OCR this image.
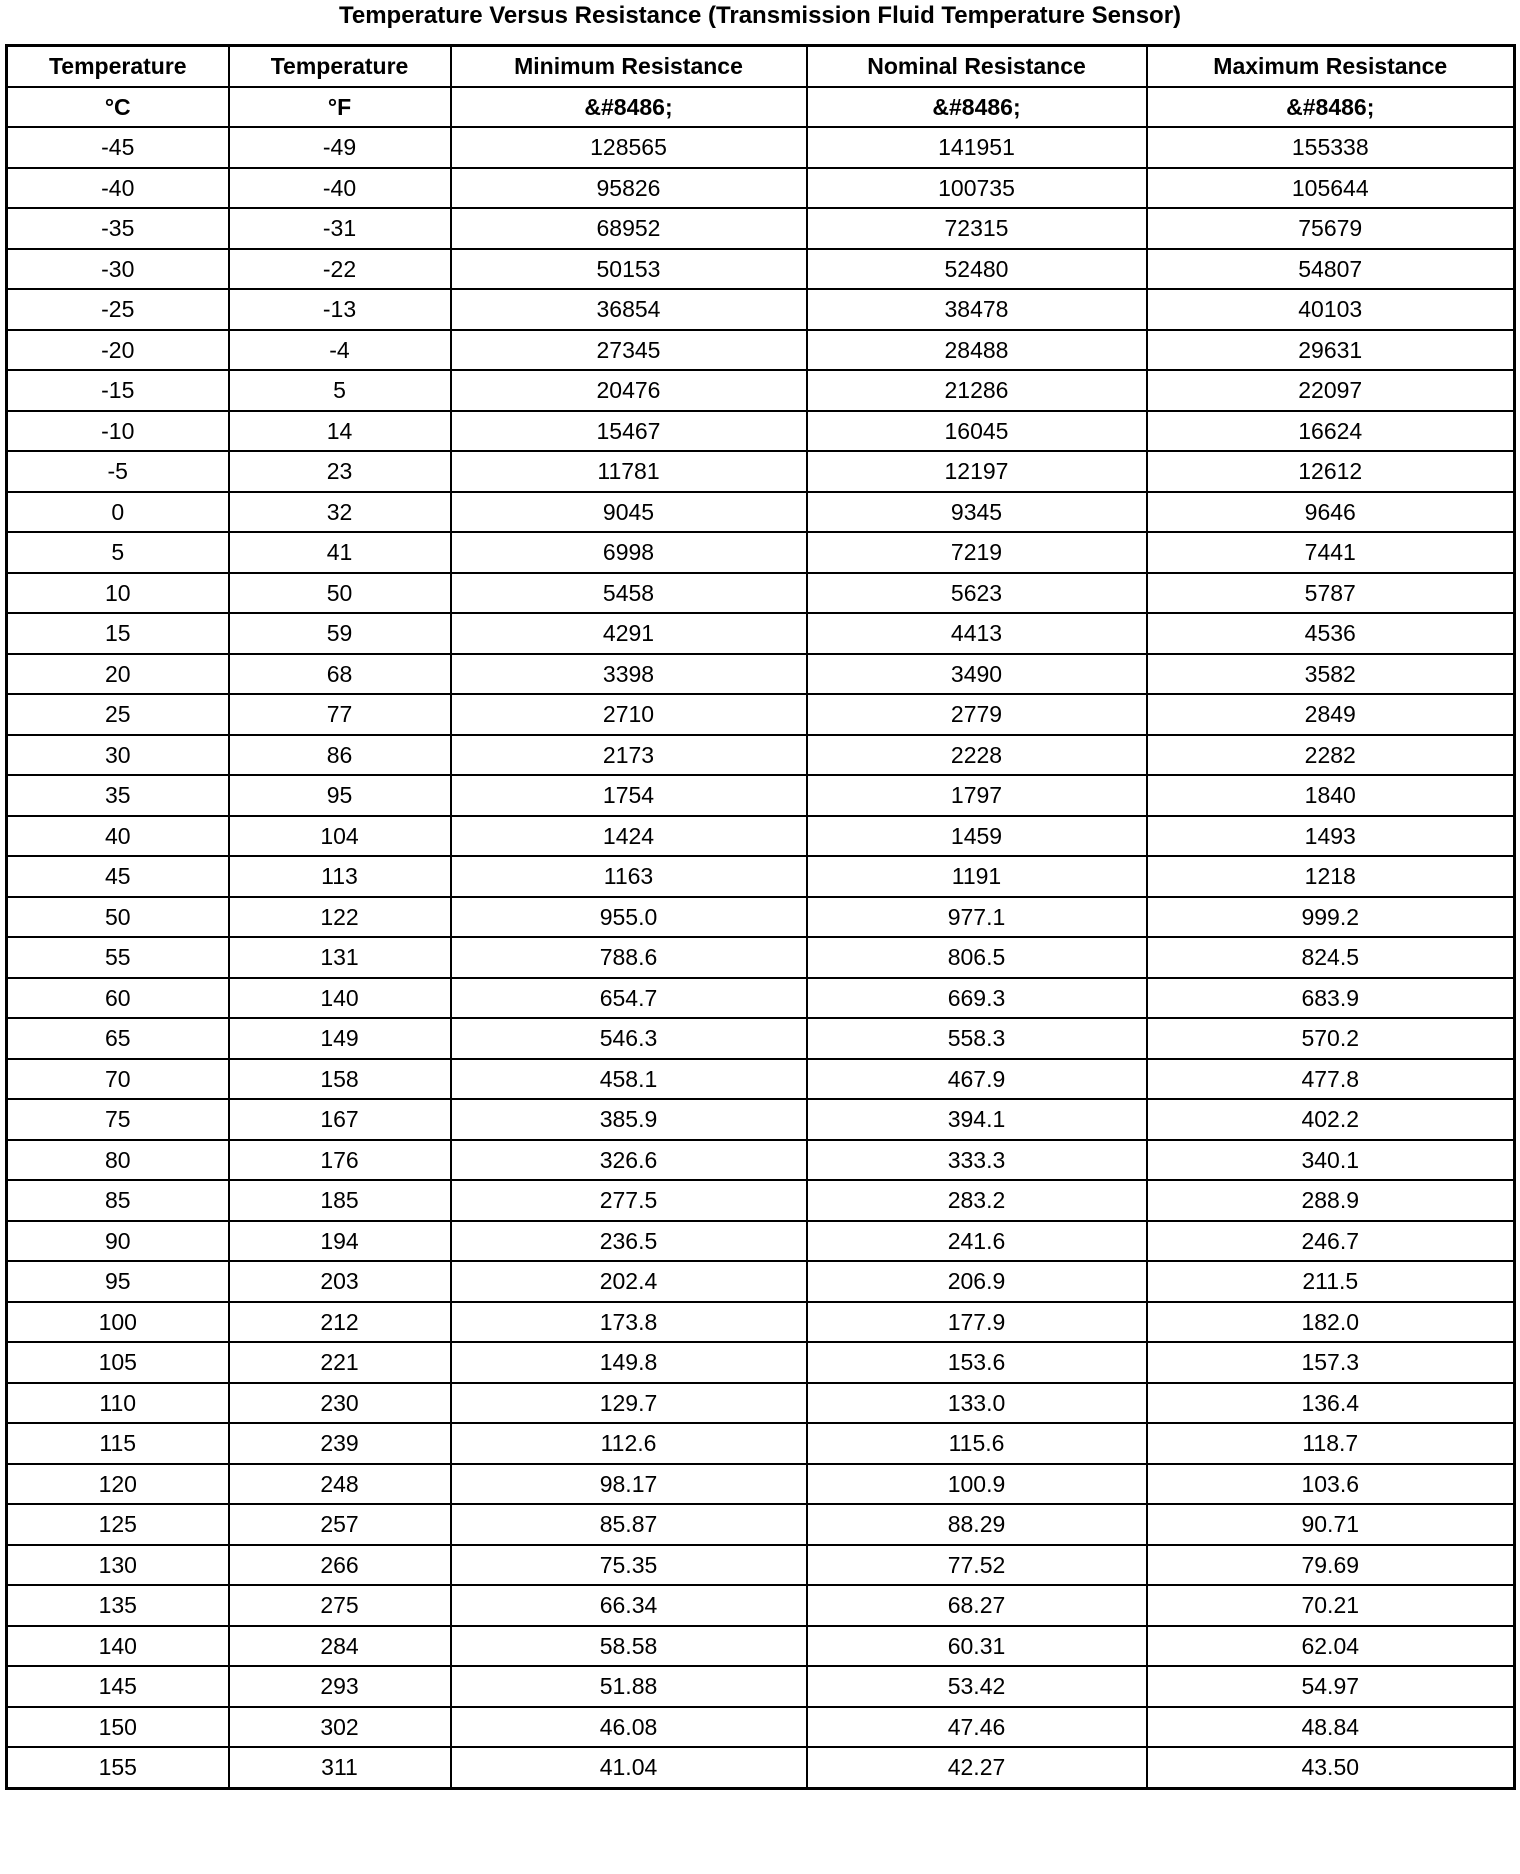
Temperature Versus Resistance (Transmission Fluid Temperature Sensor)
Temperature	Temperature	Minimum Resistance	Nominal Resistance	Maximum Resistance
°C	°F	&#8486;	&#8486;	&#8486;
-45	-49	128565	141951	155338
-40	-40	95826	100735	105644
-35	-31	68952	72315	75679
-30	-22	50153	52480	54807
-25	-13	36854	38478	40103
-20	-4	27345	28488	29631
-15	5	20476	21286	22097
-10	14	15467	16045	16624
-5	23	11781	12197	12612
0	32	9045	9345	9646
5	41	6998	7219	7441
10	50	5458	5623	5787
15	59	4291	4413	4536
20	68	3398	3490	3582
25	77	2710	2779	2849
30	86	2173	2228	2282
35	95	1754	1797	1840
40	104	1424	1459	1493
45	113	1163	1191	1218
50	122	955.0	977.1	999.2
55	131	788.6	806.5	824.5
60	140	654.7	669.3	683.9
65	149	546.3	558.3	570.2
70	158	458.1	467.9	477.8
75	167	385.9	394.1	402.2
80	176	326.6	333.3	340.1
85	185	277.5	283.2	288.9
90	194	236.5	241.6	246.7
95	203	202.4	206.9	211.5
100	212	173.8	177.9	182.0
105	221	149.8	153.6	157.3
110	230	129.7	133.0	136.4
115	239	112.6	115.6	118.7
120	248	98.17	100.9	103.6
125	257	85.87	88.29	90.71
130	266	75.35	77.52	79.69
135	275	66.34	68.27	70.21
140	284	58.58	60.31	62.04
145	293	51.88	53.42	54.97
150	302	46.08	47.46	48.84
155	311	41.04	42.27	43.50
